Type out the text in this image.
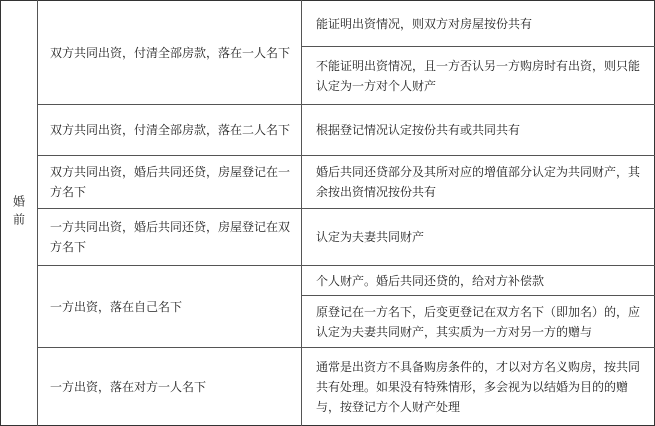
婚前
双方共同出资，付清全部房款，落在一人名下
能证明出资情况，则双方对房屋按份共有
不能证明出资情况，且一方否认另一方购房时有出资，则只能认定为一方对个人财产
双方共同出资，付清全部房款，落在二人名下 根据登记情况认定按份共有或共同共有
双方共同出资，婚后共同还贷，房屋登记在一方名下
婚后共同还贷部分及其所对应的增值部分认定为共同财产，其余按出资情况按份共有
一方共同出资，婚后共同还贷，房屋登记在双方名下
认定为夫妻共同财产
一方出资，落在自己名下
个人财产。婚后共同还贷的，给对方补偿款
原登记在一方名下，后变更登记在双方名下（即加名）的，应认定为夫妻共同财产，其实质为一方对另一方的赠与
一方出资，落在对方一人名下
通常是出资方不具备购房条件的，才以对方名义购房，按共同共有处理。如果没有特殊情形，多会视为以结婚为目的的赠与，按登记方个人财产处理
